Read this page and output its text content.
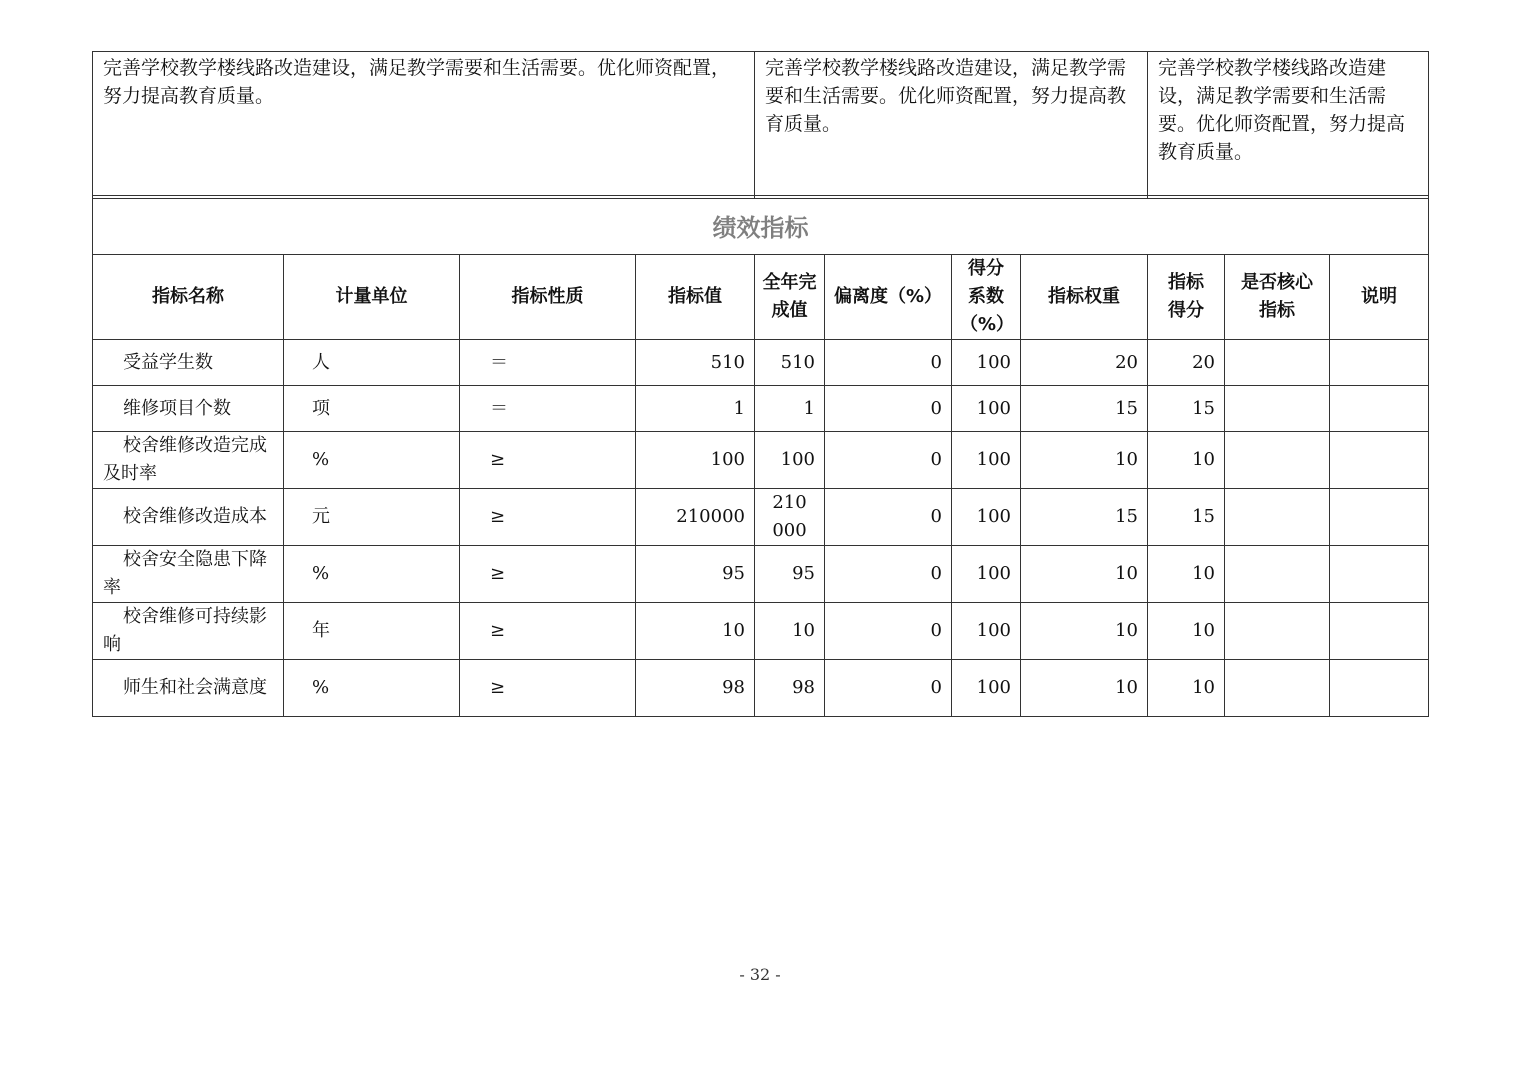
完善学校教学楼线路改造建设，满足教学需要和生活需要。优化师资配置，努力提高教育质量。	完善学校教学楼线路改造建设，满足教学需要和生活需要。优化师资配置，努力提高教育质量。	完善学校教学楼线路改造建设，满足教学需要和生活需要。优化师资配置，努力提高教育质量。
绩效指标										
指标名称	计量单位	指标性质	指标值	全年完成值	偏离度（%）	得分系数（%）	指标权重	指标得分	是否核心指标	说明
受益学生数	人	＝	510	510	0	100	20	20		
维修项目个数	项	＝	1	1	0	100	15	15		
校舍维修改造完成及时率	%	≥	100	100	0	100	10	10		
校舍维修改造成本	元	≥	210000	210000	0	100	15	15		
校舍安全隐患下降率	%	≥	95	95	0	100	10	10		
校舍维修可持续影响	年	≥	10	10	0	100	10	10		
师生和社会满意度	%	≥	98	98	0	100	10	10		
- 32 -
